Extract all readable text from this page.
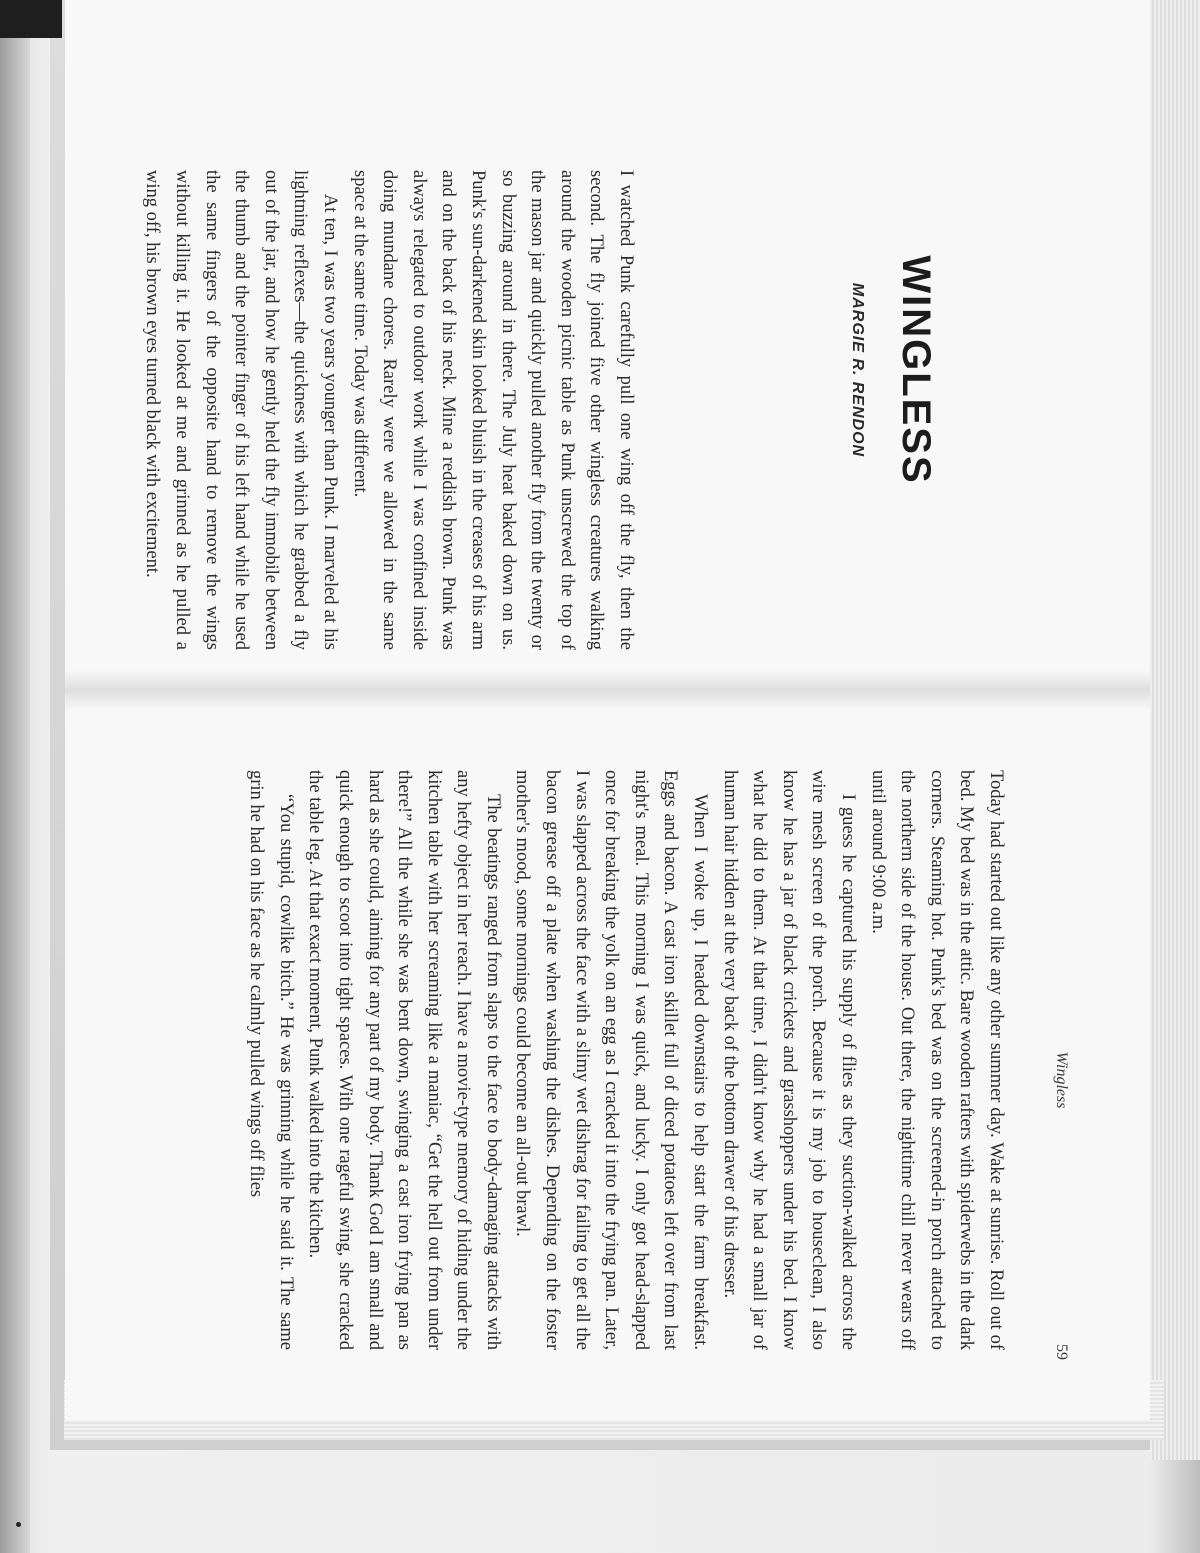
WINGLESS
MARGIE R. RENDON

I watched Punk carefully pull one wing off the fly, then the second. The fly joined five other wingless creatures walking around the wooden picnic table as Punk unscrewed the top of the mason jar and quickly pulled another fly from the twenty or so buzzing around in there. The July heat baked down on us. Punk's sun-darkened skin looked bluish in the creases of his arm and on the back of his neck. Mine a reddish brown. Punk was always relegated to outdoor work while I was confined inside doing mundane chores. Rarely were we allowed in the same space at the same time. Today was different.

At ten, I was two years younger than Punk. I marveled at his lightning reflexes—the quickness with which he grabbed a fly out of the jar, and how he gently held the fly immobile between the thumb and the pointer finger of his left hand while he used the same fingers of the opposite hand to remove the wings without killing it. He looked at me and grinned as he pulled a wing off, his brown eyes turned black with excitement.

Wingless
59

Today had started out like any other summer day. Wake at sunrise. Roll out of bed. My bed was in the attic. Bare wooden rafters with spiderwebs in the dark corners. Steaming hot. Punk's bed was on the screened-in porch attached to the northern side of the house. Out there, the nighttime chill never wears off until around 9:00 a.m.

I guess he captured his supply of flies as they suction-walked across the wire mesh screen of the porch. Because it is my job to houseclean, I also know he has a jar of black crickets and grasshoppers under his bed. I know what he did to them. At that time, I didn't know why he had a small jar of human hair hidden at the very back of the bottom drawer of his dresser.

When I woke up, I headed downstairs to help start the farm breakfast. Eggs and bacon. A cast iron skillet full of diced potatoes left over from last night's meal. This morning I was quick, and lucky. I only got head-slapped once for breaking the yolk on an egg as I cracked it into the frying pan. Later, I was slapped across the face with a slimy wet dishrag for failing to get all the bacon grease off a plate when washing the dishes. Depending on the foster mother's mood, some mornings could become an all-out brawl.

The beatings ranged from slaps to the face to body-damaging attacks with any hefty object in her reach. I have a movie-type memory of hiding under the kitchen table with her screaming like a maniac, “Get the hell out from under there!” All the while she was bent down, swinging a cast iron frying pan as hard as she could, aiming for any part of my body. Thank God I am small and quick enough to scoot into tight spaces. With one rageful swing, she cracked the table leg. At that exact moment, Punk walked into the kitchen.

“You stupid, cowlike bitch.” He was grinning while he said it. The same grin he had on his face as he calmly pulled wings off flies
